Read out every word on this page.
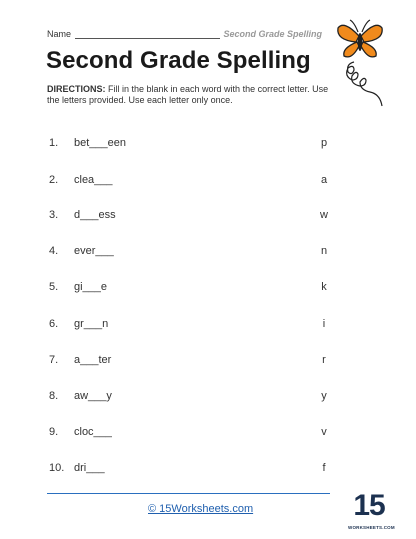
Name	Second Grade Spelling
Second Grade Spelling
DIRECTIONS: Fill in the blank in each word with the correct letter. Use the letters provided. Use each letter only once.
1. bet___een	p
2. clea___	a
3. d___ess	w
4. ever___	n
5. gi___e	k
6. gr___n	i
7. a___ter	r
8. aw___y	y
9. cloc___	v
10. dri___	f
© 15Worksheets.com	15
WORKSHEETS.COM
